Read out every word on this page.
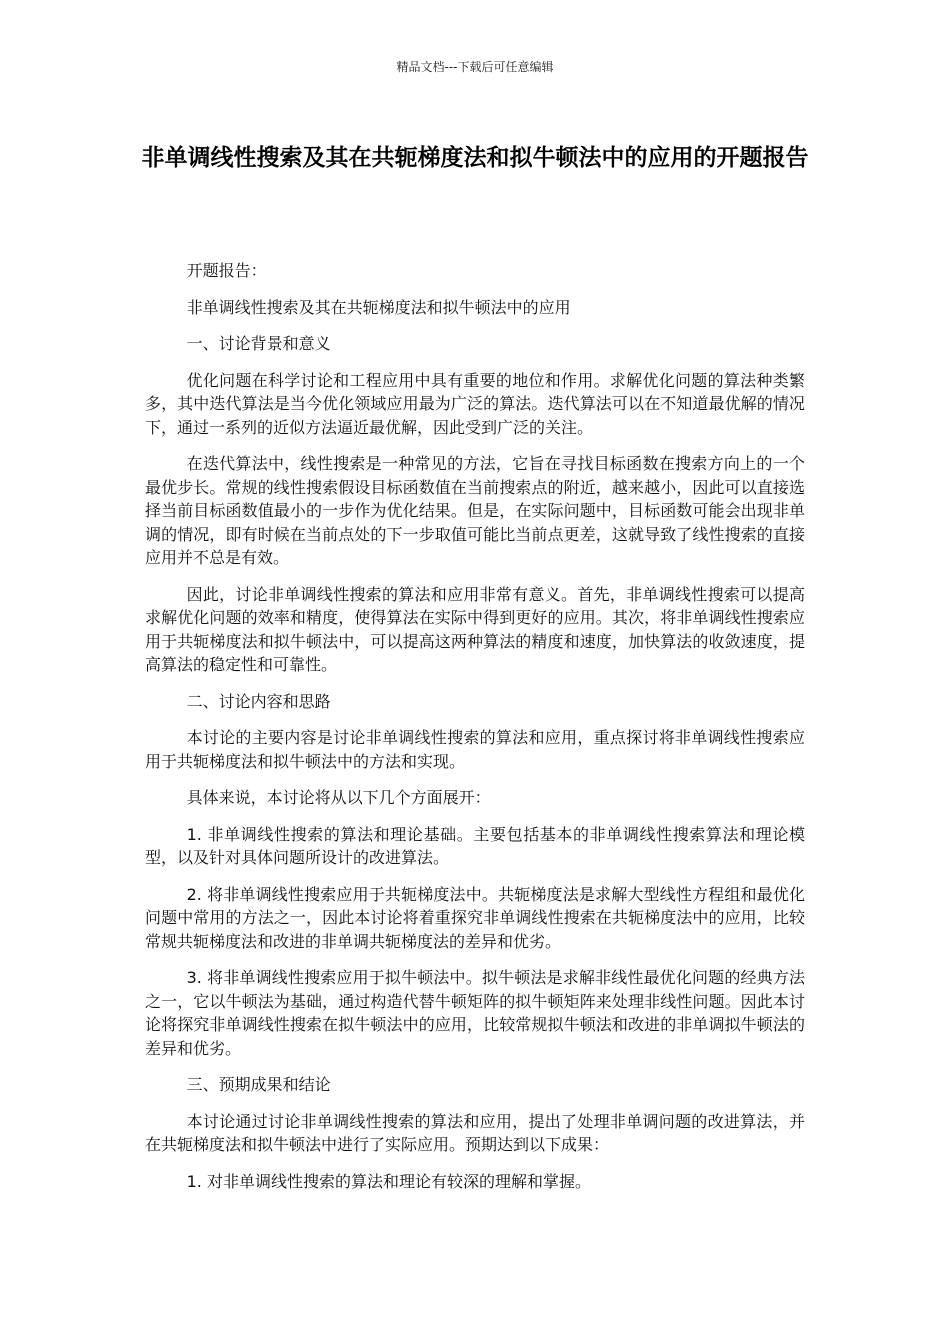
精品文档---下载后可任意编辑
非单调线性搜索及其在共轭梯度法和拟牛顿法中的应用的开题报告

开题报告：

非单调线性搜索及其在共轭梯度法和拟牛顿法中的应用

一、讨论背景和意义

优化问题在科学讨论和工程应用中具有重要的地位和作用。求解优化问题的算法种类繁多，其中迭代算法是当今优化领域应用最为广泛的算法。迭代算法可以在不知道最优解的情况下，通过一系列的近似方法逼近最优解，因此受到广泛的关注。

在迭代算法中，线性搜索是一种常见的方法，它旨在寻找目标函数在搜索方向上的一个最优步长。常规的线性搜索假设目标函数值在当前搜索点的附近，越来越小，因此可以直接选择当前目标函数值最小的一步作为优化结果。但是，在实际问题中，目标函数可能会出现非单调的情况，即有时候在当前点处的下一步取值可能比当前点更差，这就导致了线性搜索的直接应用并不总是有效。

因此，讨论非单调线性搜索的算法和应用非常有意义。首先，非单调线性搜索可以提高求解优化问题的效率和精度，使得算法在实际中得到更好的应用。其次，将非单调线性搜索应用于共轭梯度法和拟牛顿法中，可以提高这两种算法的精度和速度，加快算法的收敛速度，提高算法的稳定性和可靠性。

二、讨论内容和思路

本讨论的主要内容是讨论非单调线性搜索的算法和应用，重点探讨将非单调线性搜索应用于共轭梯度法和拟牛顿法中的方法和实现。

具体来说，本讨论将从以下几个方面展开：

1. 非单调线性搜索的算法和理论基础。主要包括基本的非单调线性搜索算法和理论模型，以及针对具体问题所设计的改进算法。

2. 将非单调线性搜索应用于共轭梯度法中。共轭梯度法是求解大型线性方程组和最优化问题中常用的方法之一，因此本讨论将着重探究非单调线性搜索在共轭梯度法中的应用，比较常规共轭梯度法和改进的非单调共轭梯度法的差异和优劣。

3. 将非单调线性搜索应用于拟牛顿法中。拟牛顿法是求解非线性最优化问题的经典方法之一，它以牛顿法为基础，通过构造代替牛顿矩阵的拟牛顿矩阵来处理非线性问题。因此本讨论将探究非单调线性搜索在拟牛顿法中的应用，比较常规拟牛顿法和改进的非单调拟牛顿法的差异和优劣。

三、预期成果和结论

本讨论通过讨论非单调线性搜索的算法和应用，提出了处理非单调问题的改进算法，并在共轭梯度法和拟牛顿法中进行了实际应用。预期达到以下成果：

1. 对非单调线性搜索的算法和理论有较深的理解和掌握。
